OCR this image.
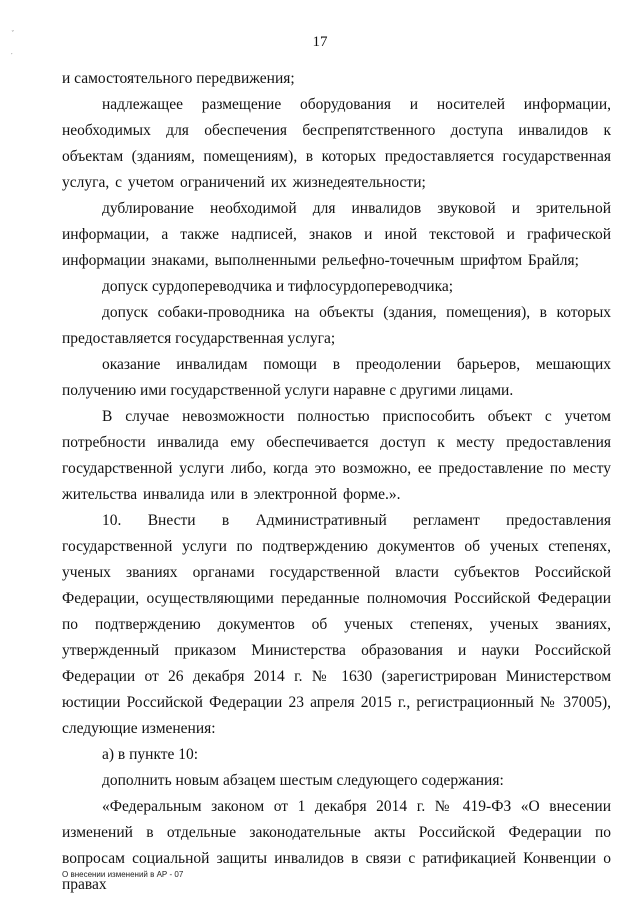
ˇ
′
17

и самостоятельного передвижения;

надлежащее размещение оборудования и носителей информации, необходимых для обеспечения беспрепятственного доступа инвалидов к объектам (зданиям, помещениям), в которых предоставляется государственная услуга, с учетом ограничений их жизнедеятельности;

дублирование необходимой для инвалидов звуковой и зрительной информации, а также надписей, знаков и иной текстовой и графической информации знаками, выполненными рельефно-точечным шрифтом Брайля;

допуск сурдопереводчика и тифлосурдопереводчика;

допуск собаки-проводника на объекты (здания, помещения), в которых предоставляется государственная услуга;

оказание инвалидам помощи в преодолении барьеров, мешающих получению ими государственной услуги наравне с другими лицами.

В случае невозможности полностью приспособить объект с учетом потребности инвалида ему обеспечивается доступ к месту предоставления государственной услуги либо, когда это возможно, ее предоставление по месту жительства инвалида или в электронной форме.».

10. Внести в Административный регламент предоставления государственной услуги по подтверждению документов об ученых степенях, ученых званиях органами государственной власти субъектов Российской Федерации, осуществляющими переданные полномочия Российской Федерации по подтверждению документов об ученых степенях, ученых званиях, утвержденный приказом Министерства образования и науки Российской Федерации от 26 декабря 2014 г. № 1630 (зарегистрирован Министерством юстиции Российской Федерации 23 апреля 2015 г., регистрационный № 37005), следующие изменения:

а) в пункте 10:

дополнить новым абзацем шестым следующего содержания:

«Федеральным законом от 1 декабря 2014 г. № 419-ФЗ «О внесении изменений в отдельные законодательные акты Российской Федерации по вопросам социальной защиты инвалидов в связи с ратификацией Конвенции о правах

О внесении изменений в АР - 07
